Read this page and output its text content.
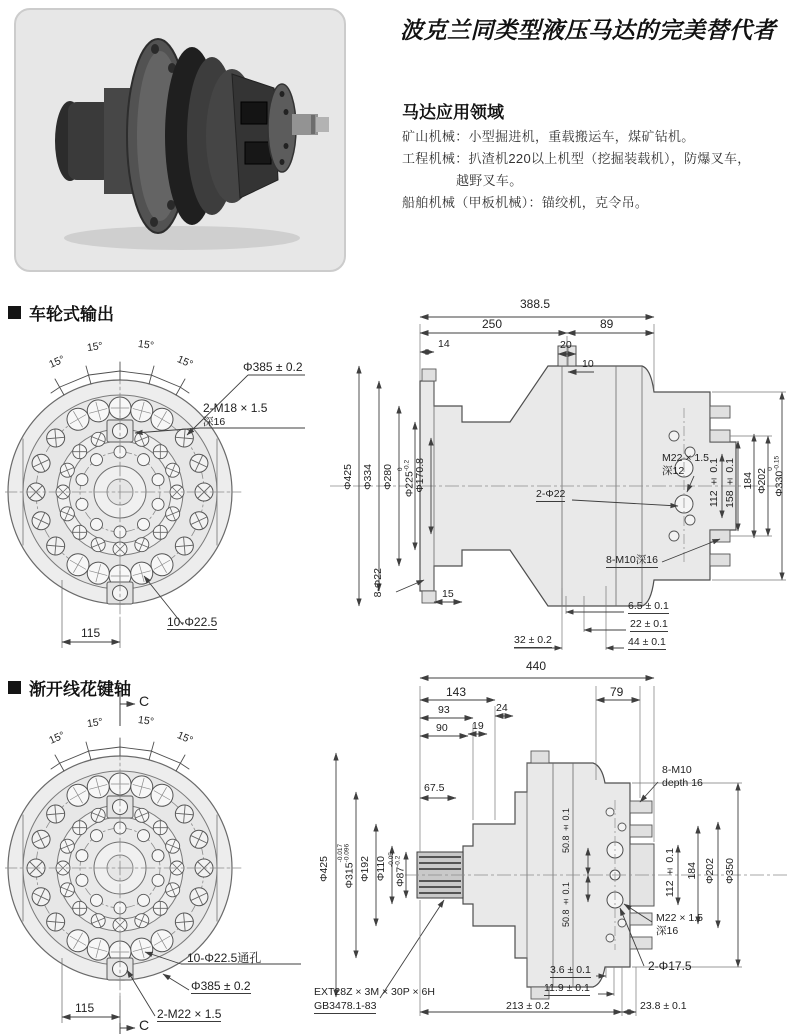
波克兰同类型液压马达的完美替代者
马达应用领域
矿山机械：小型掘进机，重载搬运车，煤矿钻机。
工程机械：扒渣机220以上机型（挖掘装载机），防爆叉车，
越野叉车。
船舶机械（甲板机械）：锚绞机，克令吊。
车轮式输出
15°
15°	15°
15°	Φ385 ± 0.2
2-M18 × 1.5
深16
10-Φ22.5
115
388.5
250	89
14	20
10
Φ425 Φ334 Φ280 Φ225
0 -0.2 Φ170.8	M22 × 1.5
深12
2-Φ22
8-Φ22	15
8-M10深16
112 ± 0.1 158 ± 0.1 184 Φ202 Φ330
0 -0.15
6.5 ± 0.1
22 ± 0.1
44 ± 0.1
32 ± 0.2
渐开线花键轴
C
C
15°
15°	15°
15°
10-Φ22.5通孔
Φ385 ± 0.2
2-M22 × 1.5
115
440
143
24
93
19
90
79
67.5
8-M10
depth 16
Φ425	Φ315
-0.017 -0.096
Φ192 Φ110 Φ87
-0.05 -0.2
50.8 ± 0.1
50.8 ± 0.1
112 ± 0.1 184 Φ202 Φ350
M22 × 1.5
深16
2-Φ17.5
EXT28Z × 3M × 30P × 6H
GB3478.1-83
3.6 ± 0.1
11.9 ± 0.1
213 ± 0.2	23.8 ± 0.1
